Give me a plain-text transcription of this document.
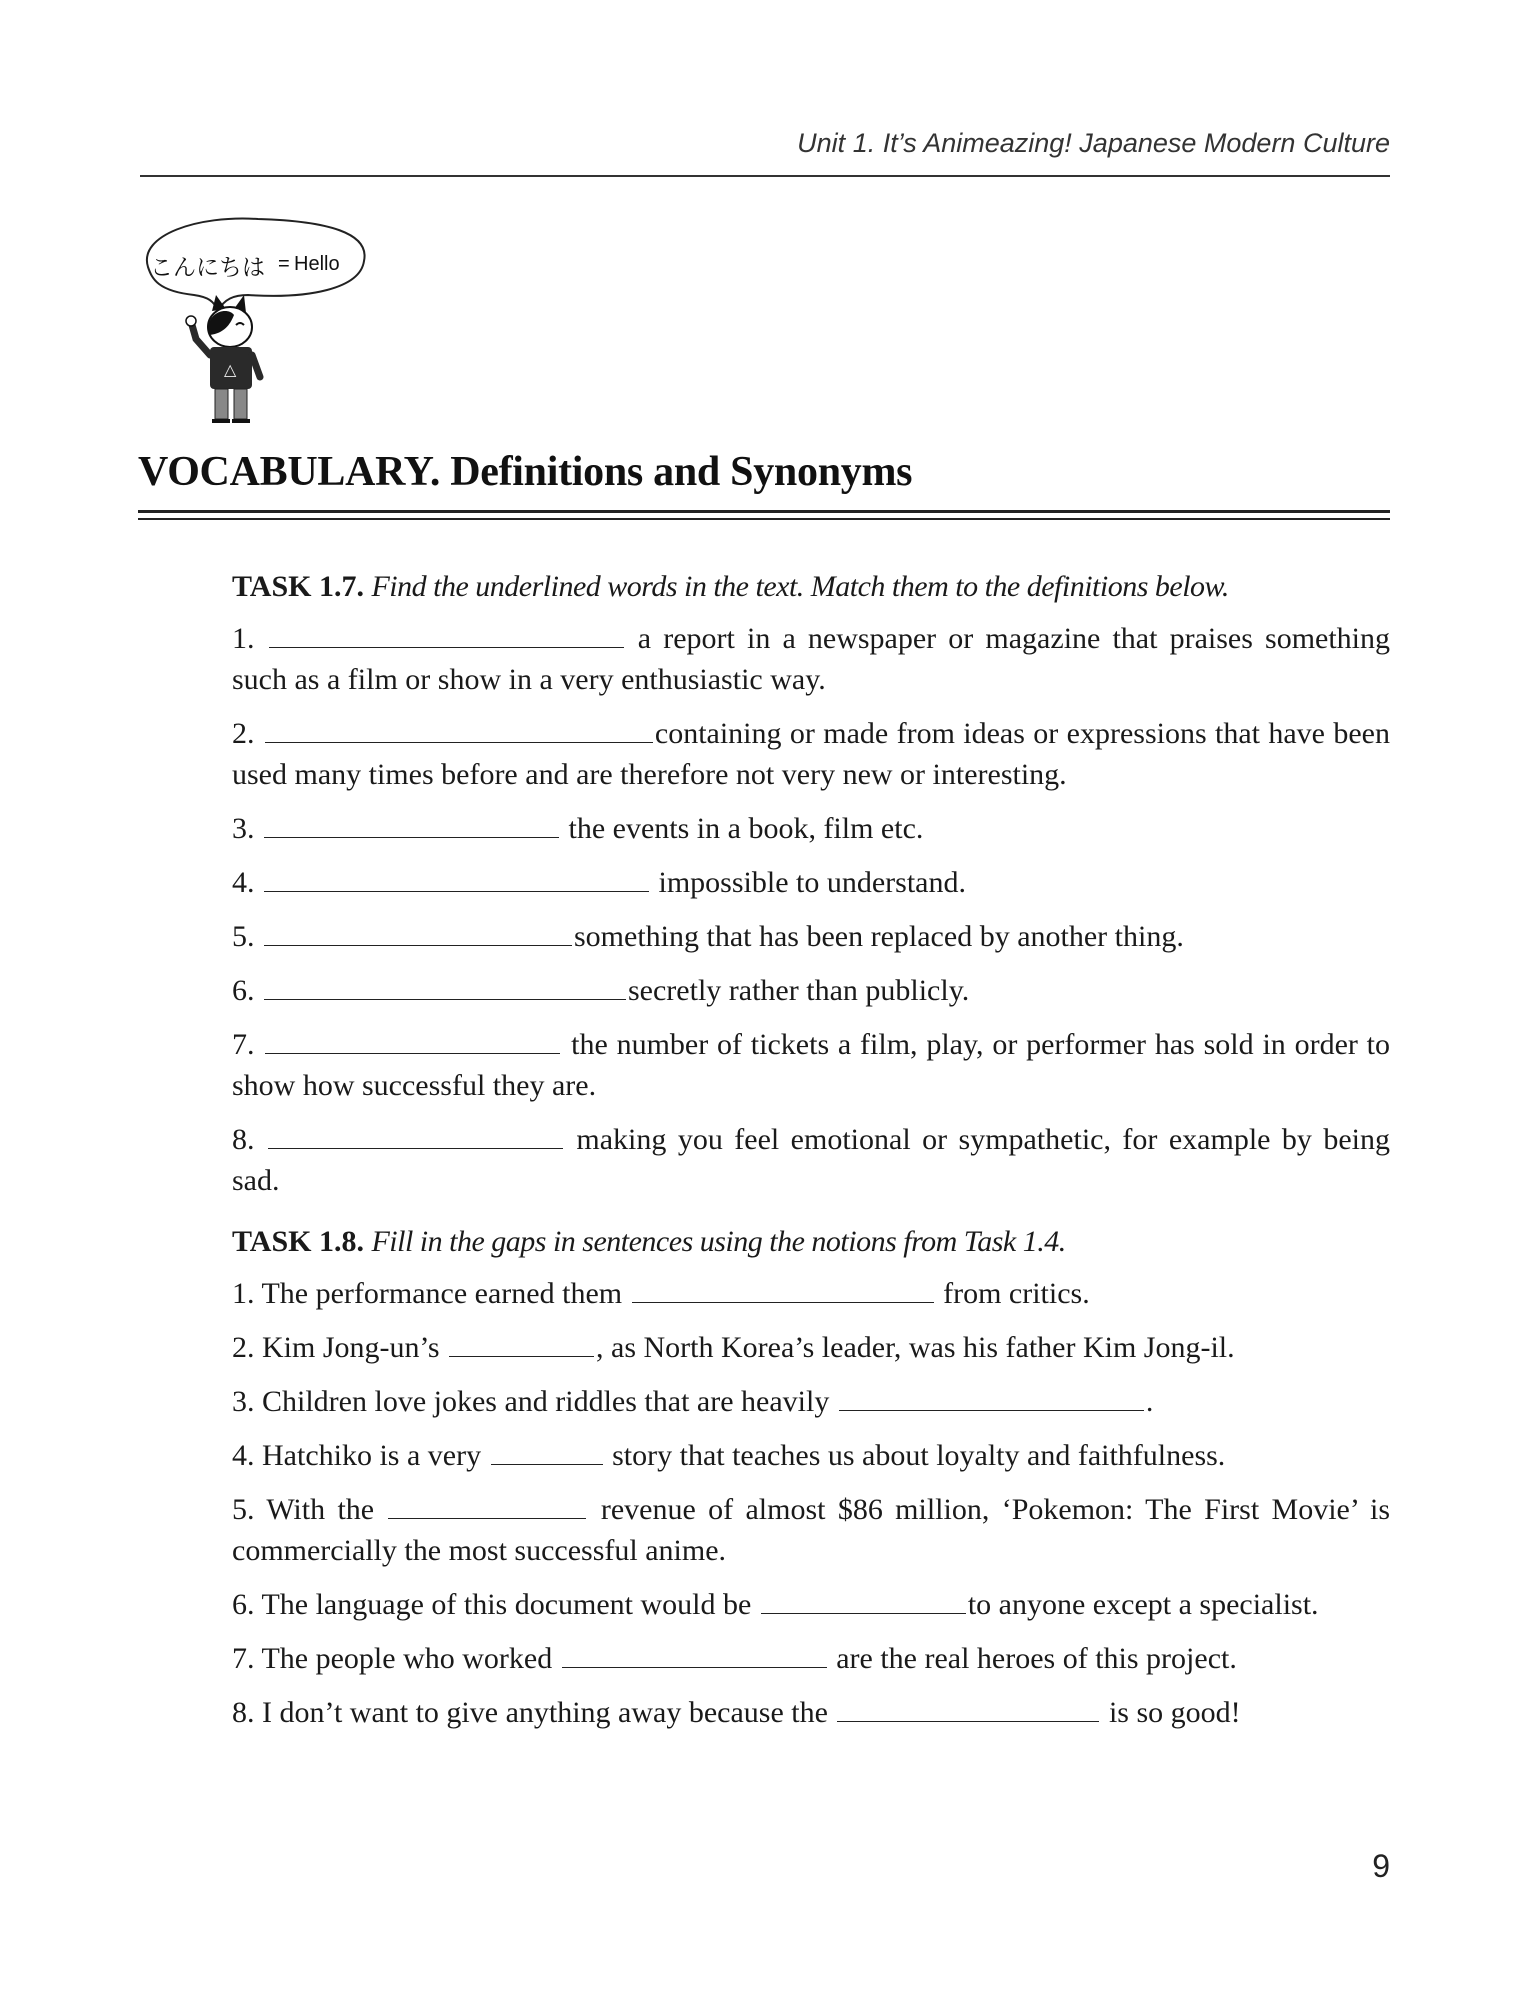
Unit 1. It’s Animeazing! Japanese Modern Culture
こんにちは = Hello
△
VOCABULARY. Definitions and Synonyms

TASK 1.7. Find the underlined words in the text. Match them to the definitions below.

1.	a report in a newspaper or magazine that praises something such as a film or show in a very enthusiastic way.

2.	containing or made from ideas or expressions that have been used many times before and are therefore not very new or interesting.

3.	the events in a book, film etc.

4.	impossible to understand.

5.	something that has been replaced by another thing.

6.	secretly rather than publicly.

7.	the number of tickets a film, play, or performer has sold in order to show how successful they are.

8.	making you feel emotional or sympathetic, for example by being sad.

TASK 1.8. Fill in the gaps in sentences using the notions from Task 1.4.

1. The performance earned them	from critics.

2. Kim Jong-un’s	, as North Korea’s leader, was his father Kim Jong-il.

3. Children love jokes and riddles that are heavily	.

4. Hatchiko is a very	story that teaches us about loyalty and faithfulness.

5. With the	revenue of almost $86 million, ‘Pokemon: The First Movie’ is commercially the most successful anime.

6. The language of this document would be	to anyone except a specialist.

7. The people who worked	are the real heroes of this project.

8. I don’t want to give anything away because the	is so good!

9
